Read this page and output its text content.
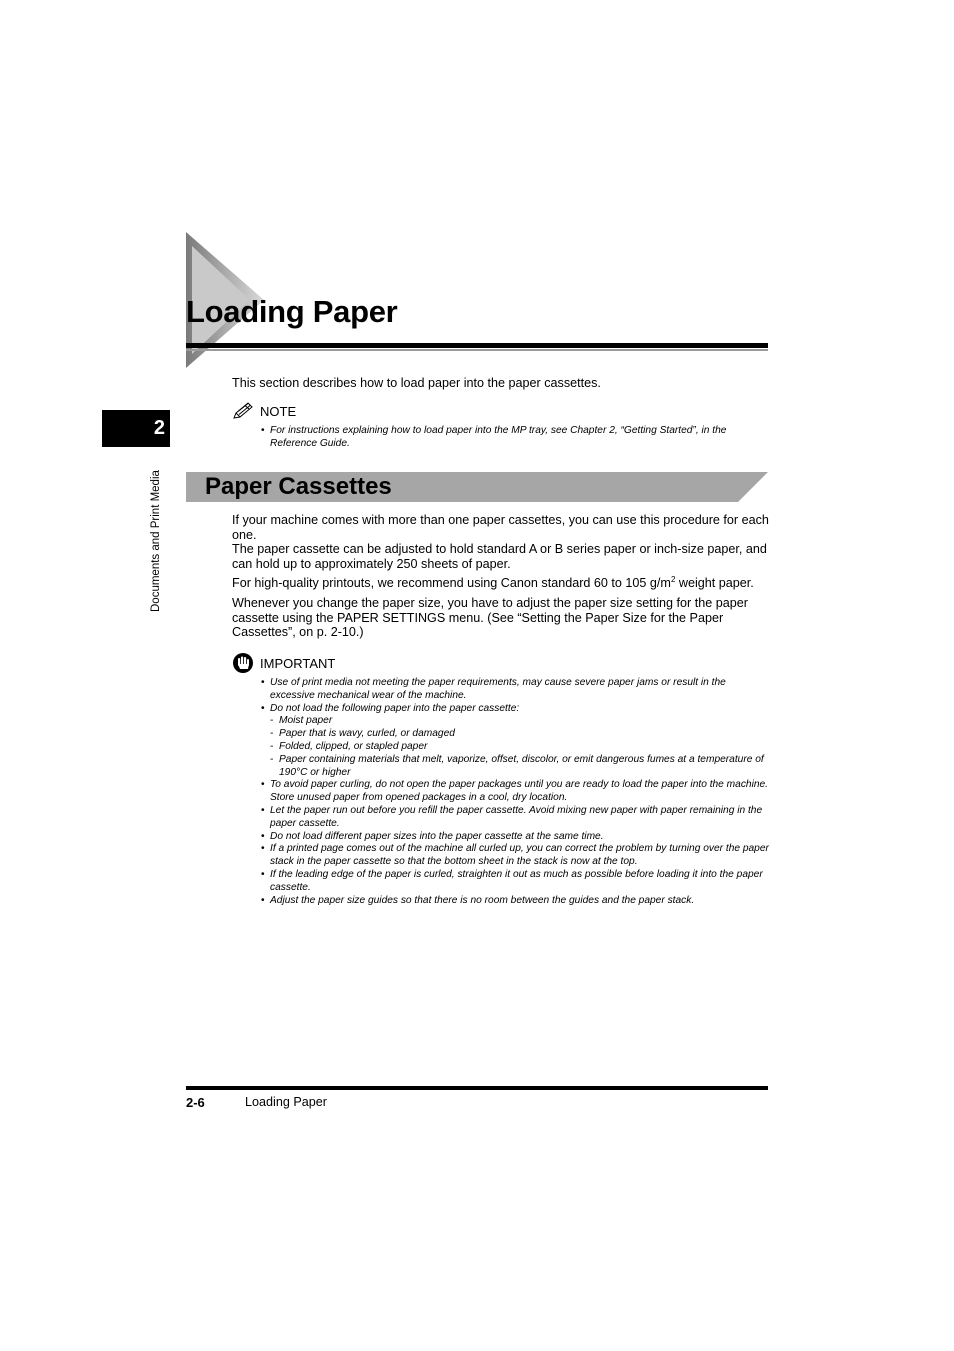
Loading Paper
2
Documents and Print Media
This section describes how to load paper into the paper cassettes.
NOTE
• For instructions explaining how to load paper into the MP tray, see Chapter 2, “Getting Started”, in the Reference Guide.
Paper Cassettes

If your machine comes with more than one paper cassettes, you can use this procedure for each one.

The paper cassette can be adjusted to hold standard A or B series paper or inch-size paper, and can hold up to approximately 250 sheets of paper.

For high-quality printouts, we recommend using Canon standard 60 to 105 $g/m^2$ weight paper.

Whenever you change the paper size, you have to adjust the paper size setting for the paper cassette using the PAPER SETTINGS menu. (See “Setting the Paper Size for the Paper Cassettes”, on p. 2-10.)

IMPORTANT
• Use of print media not meeting the paper requirements, may cause severe paper jams or result in the excessive mechanical wear of the machine.
• Do not load the following paper into the paper cassette:
- Moist paper
- Paper that is wavy, curled, or damaged
- Folded, clipped, or stapled paper
- Paper containing materials that melt, vaporize, offset, discolor, or emit dangerous fumes at a temperature of 190°C or higher
• To avoid paper curling, do not open the paper packages until you are ready to load the paper into the machine. Store unused paper from opened packages in a cool, dry location.
• Let the paper run out before you refill the paper cassette. Avoid mixing new paper with paper remaining in the paper cassette.
• Do not load different paper sizes into the paper cassette at the same time.
• If a printed page comes out of the machine all curled up, you can correct the problem by turning over the paper stack in the paper cassette so that the bottom sheet in the stack is now at the top.
• If the leading edge of the paper is curled, straighten it out as much as possible before loading it into the paper cassette.
• Adjust the paper size guides so that there is no room between the guides and the paper stack.
2-6	Loading Paper
